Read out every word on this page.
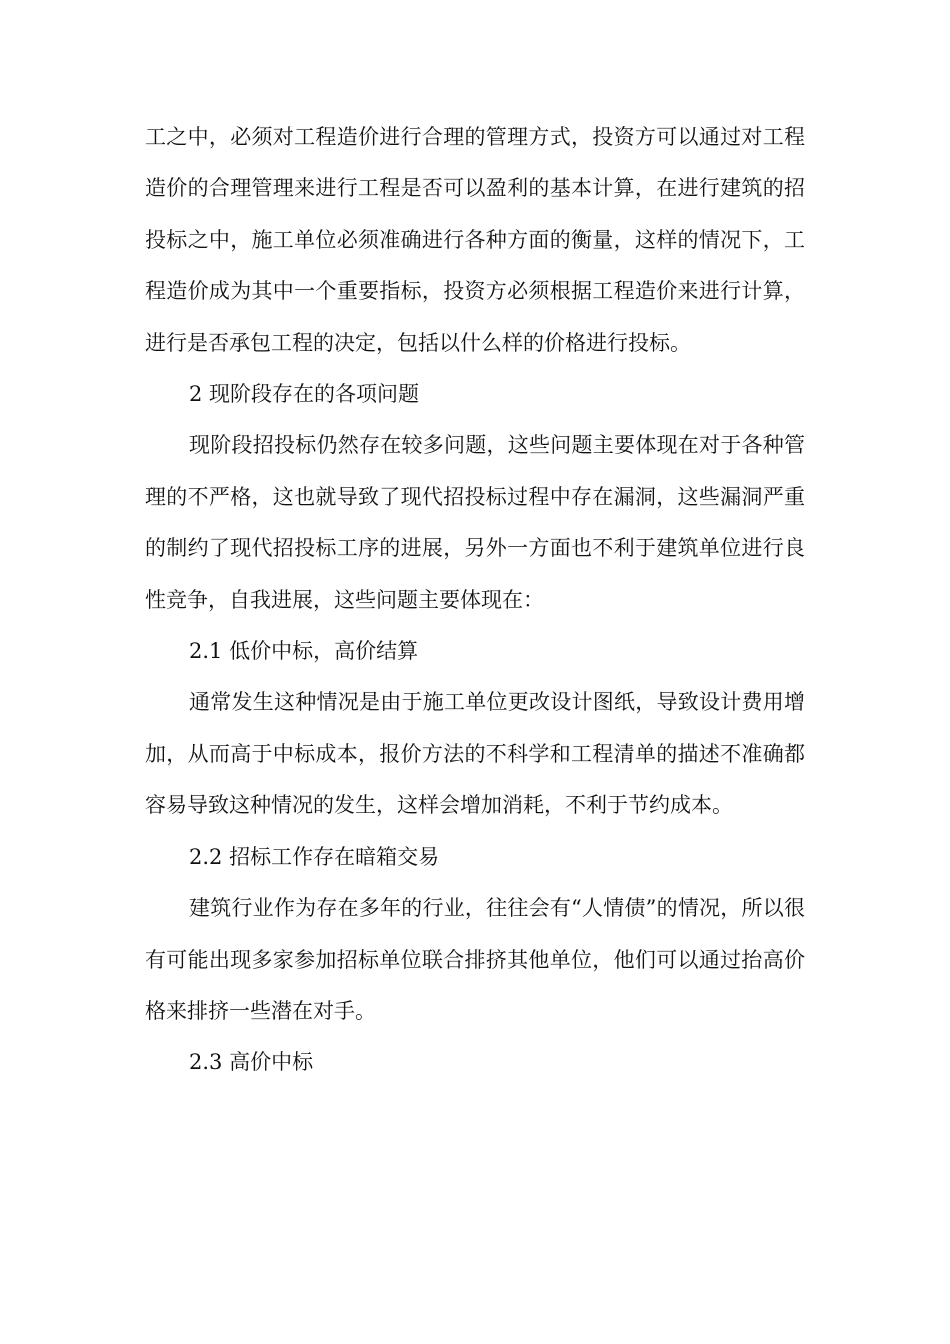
工之中，必须对工程造价进行合理的管理方式，投资方可以通过对工程造价的合理管理来进行工程是否可以盈利的基本计算，在进行建筑的招投标之中，施工单位必须准确进行各种方面的衡量，这样的情况下，工程造价成为其中一个重要指标，投资方必须根据工程造价来进行计算，进行是否承包工程的决定，包括以什么样的价格进行投标。

2 现阶段存在的各项问题

现阶段招投标仍然存在较多问题，这些问题主要体现在对于各种管理的不严格，这也就导致了现代招投标过程中存在漏洞，这些漏洞严重的制约了现代招投标工序的进展，另外一方面也不利于建筑单位进行良性竞争，自我进展，这些问题主要体现在：

2.1 低价中标，高价结算

通常发生这种情况是由于施工单位更改设计图纸，导致设计费用增加，从而高于中标成本，报价方法的不科学和工程清单的描述不准确都容易导致这种情况的发生，这样会增加消耗，不利于节约成本。

2.2 招标工作存在暗箱交易

建筑行业作为存在多年的行业，往往会有“人情债”的情况，所以很有可能出现多家参加招标单位联合排挤其他单位，他们可以通过抬高价格来排挤一些潜在对手。

2.3 高价中标
